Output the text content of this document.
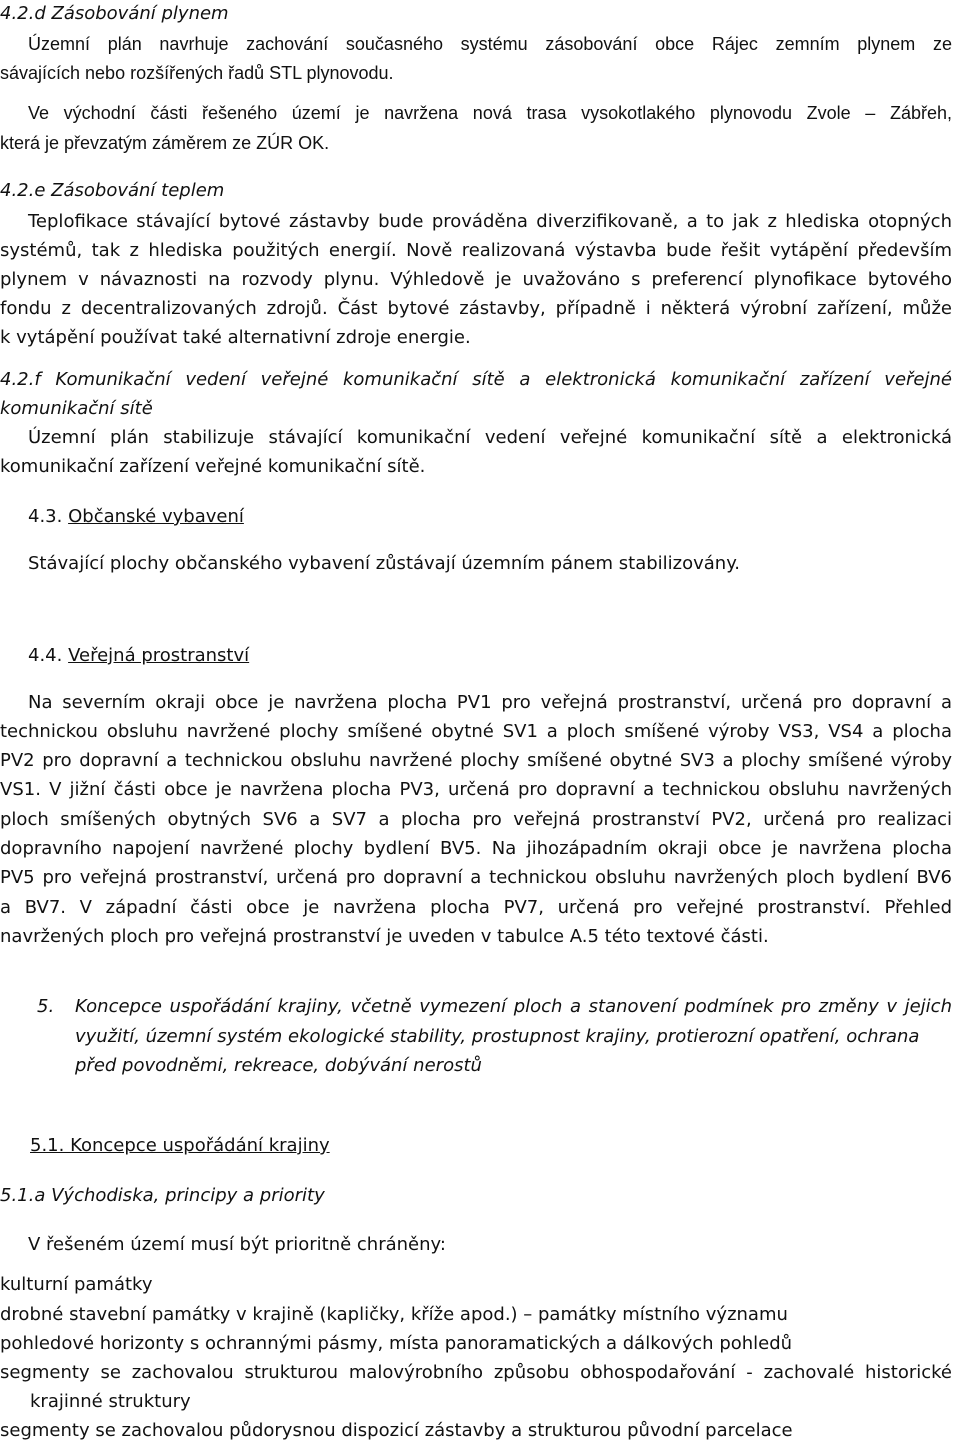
4.2.d Zásobování plynem
Územní plán navrhuje zachování současného systému zásobování obce Rájec zemním plynem ze
sávajících nebo rozšířených řadů STL plynovodu.
Ve východní části řešeného území je navržena nová trasa vysokotlakého plynovodu Zvole – Zábřeh,
která je převzatým záměrem ze ZÚR OK.
4.2.e Zásobování teplem
Teplofikace stávající bytové zástavby bude prováděna diverzifikovaně, a to jak z hlediska otopných
systémů, tak z hlediska použitých energií. Nově realizovaná výstavba bude řešit vytápění především
plynem v návaznosti na rozvody plynu. Výhledově je uvažováno s preferencí plynofikace bytového
fondu z decentralizovaných zdrojů. Část bytové zástavby, případně i některá výrobní zařízení, může
k vytápění používat také alternativní zdroje energie.
4.2.f Komunikační vedení veřejné komunikační sítě a elektronická komunikační zařízení veřejné
komunikační sítě
Územní plán stabilizuje stávající komunikační vedení veřejné komunikační sítě a elektronická
komunikační zařízení veřejné komunikační sítě.
4.3. Občanské vybavení
Stávající plochy občanského vybavení zůstávají územním pánem stabilizovány.
4.4. Veřejná prostranství
Na severním okraji obce je navržena plocha PV1 pro veřejná prostranství, určená pro dopravní a
technickou obsluhu navržené plochy smíšené obytné SV1 a ploch smíšené výroby VS3, VS4 a plocha
PV2 pro dopravní a technickou obsluhu navržené plochy smíšené obytné SV3 a plochy smíšené výroby
VS1. V jižní části obce je navržena plocha PV3, určená pro dopravní a technickou obsluhu navržených
ploch smíšených obytných SV6 a SV7 a plocha pro veřejná prostranství PV2, určená pro realizaci
dopravního napojení navržené plochy bydlení BV5. Na jihozápadním okraji obce je navržena plocha
PV5 pro veřejná prostranství, určená pro dopravní a technickou obsluhu navržených ploch bydlení BV6
a BV7. V západní části obce je navržena plocha PV7, určená pro veřejné prostranství. Přehled
navržených ploch pro veřejná prostranství je uveden v tabulce A.5 této textové části.
5. Koncepce uspořádání krajiny, včetně vymezení ploch a stanovení podmínek pro změny v jejich
využití, územní systém ekologické stability, prostupnost krajiny, protierozní opatření, ochrana
před povodněmi, rekreace, dobývání nerostů
5.1. Koncepce uspořádání krajiny
5.1.a Východiska, principy a priority
V řešeném území musí být prioritně chráněny:
kulturní památky
drobné stavební památky v krajině (kapličky, kříže apod.) – památky místního významu
pohledové horizonty s ochrannými pásmy, místa panoramatických a dálkových pohledů
segmenty se zachovalou strukturou malovýrobního způsobu obhospodařování - zachovalé historické
krajinné struktury
segmenty se zachovalou půdorysnou dispozicí zástavby a strukturou původní parcelace
